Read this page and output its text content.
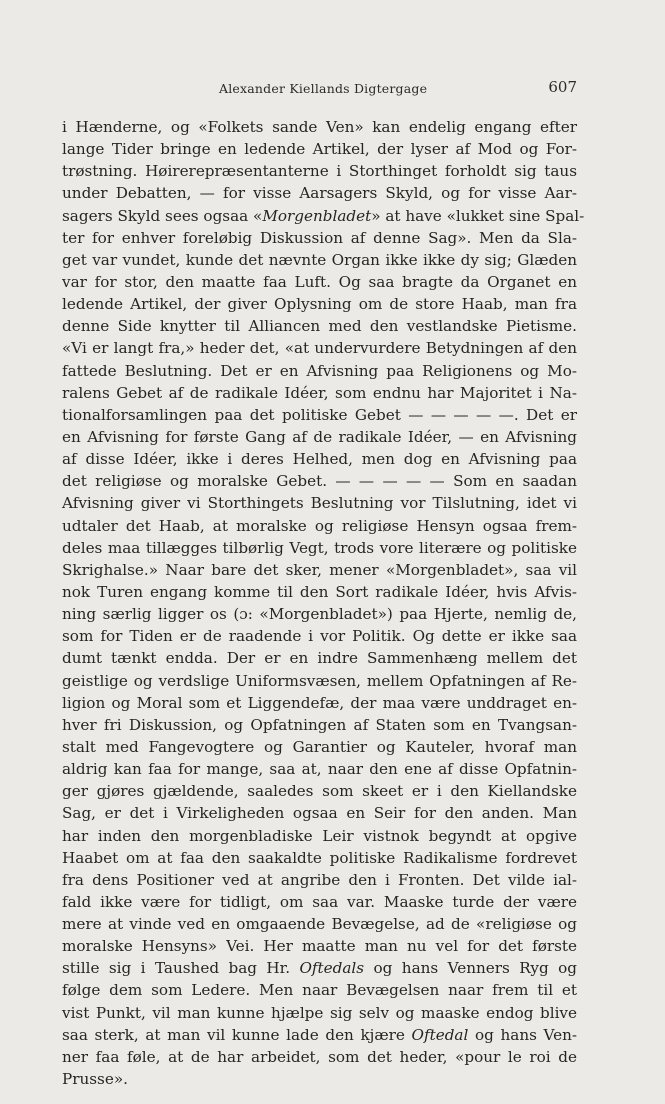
Alexander Kiellands Digtergage	607
i Hænderne, og «Folkets sande Ven» kan endelig engang efter
lange Tider bringe en ledende Artikel, der lyser af Mod og For-
trøstning. Høirerepræsentanterne i Storthinget forholdt sig taus
under Debatten, — for visse Aarsagers Skyld, og for visse Aar-
sagers Skyld sees ogsaa «Morgenbladet» at have «lukket sine Spal-
ter for enhver foreløbig Diskussion af denne Sag». Men da Sla-
get var vundet, kunde det nævnte Organ ikke ikke dy sig; Glæden
var for stor, den maatte faa Luft. Og saa bragte da Organet en
ledende Artikel, der giver Oplysning om de store Haab, man fra
denne Side knytter til Alliancen med den vestlandske Pietisme.
«Vi er langt fra,» heder det, «at undervurdere Betydningen af den
fattede Beslutning. Det er en Afvisning paa Religionens og Mo-
ralens Gebet af de radikale Idéer, som endnu har Majoritet i Na-
tionalforsamlingen paa det politiske Gebet — — — — —. Det er
en Afvisning for første Gang af de radikale Idéer, — en Afvisning
af disse Idéer, ikke i deres Helhed, men dog en Afvisning paa
det religiøse og moralske Gebet. — — — — — Som en saadan
Afvisning giver vi Storthingets Beslutning vor Tilslutning, idet vi
udtaler det Haab, at moralske og religiøse Hensyn ogsaa frem-
deles maa tillægges tilbørlig Vegt, trods vore literære og politiske
Skrighalse.» Naar bare det sker, mener «Morgenbladet», saa vil
nok Turen engang komme til den Sort radikale Idéer, hvis Afvis-
ning særlig ligger os (ɔ: «Morgenbladet») paa Hjerte, nemlig de,
som for Tiden er de raadende i vor Politik. Og dette er ikke saa
dumt tænkt endda. Der er en indre Sammenhæng mellem det
geistlige og verdslige Uniformsvæsen, mellem Opfatningen af Re-
ligion og Moral som et Liggendefæ, der maa være unddraget en-
hver fri Diskussion, og Opfatningen af Staten som en Tvangsan-
stalt med Fangevogtere og Garantier og Kauteler, hvoraf man
aldrig kan faa for mange, saa at, naar den ene af disse Opfatnin-
ger gjøres gjældende, saaledes som skeet er i den Kiellandske
Sag, er det i Virkeligheden ogsaa en Seir for den anden. Man
har inden den morgenbladiske Leir vistnok begyndt at opgive
Haabet om at faa den saakaldte politiske Radikalisme fordrevet
fra dens Positioner ved at angribe den i Fronten. Det vilde ial-
fald ikke være for tidligt, om saa var. Maaske turde der være
mere at vinde ved en omgaaende Bevægelse, ad de «religiøse og
moralske Hensyns» Vei. Her maatte man nu vel for det første
stille sig i Taushed bag Hr. Oftedals og hans Venners Ryg og
følge dem som Ledere. Men naar Bevægelsen naar frem til et
vist Punkt, vil man kunne hjælpe sig selv og maaske endog blive
saa sterk, at man vil kunne lade den kjære Oftedal og hans Ven-
ner faa føle, at de har arbeidet, som det heder, «pour le roi de
Prusse».
